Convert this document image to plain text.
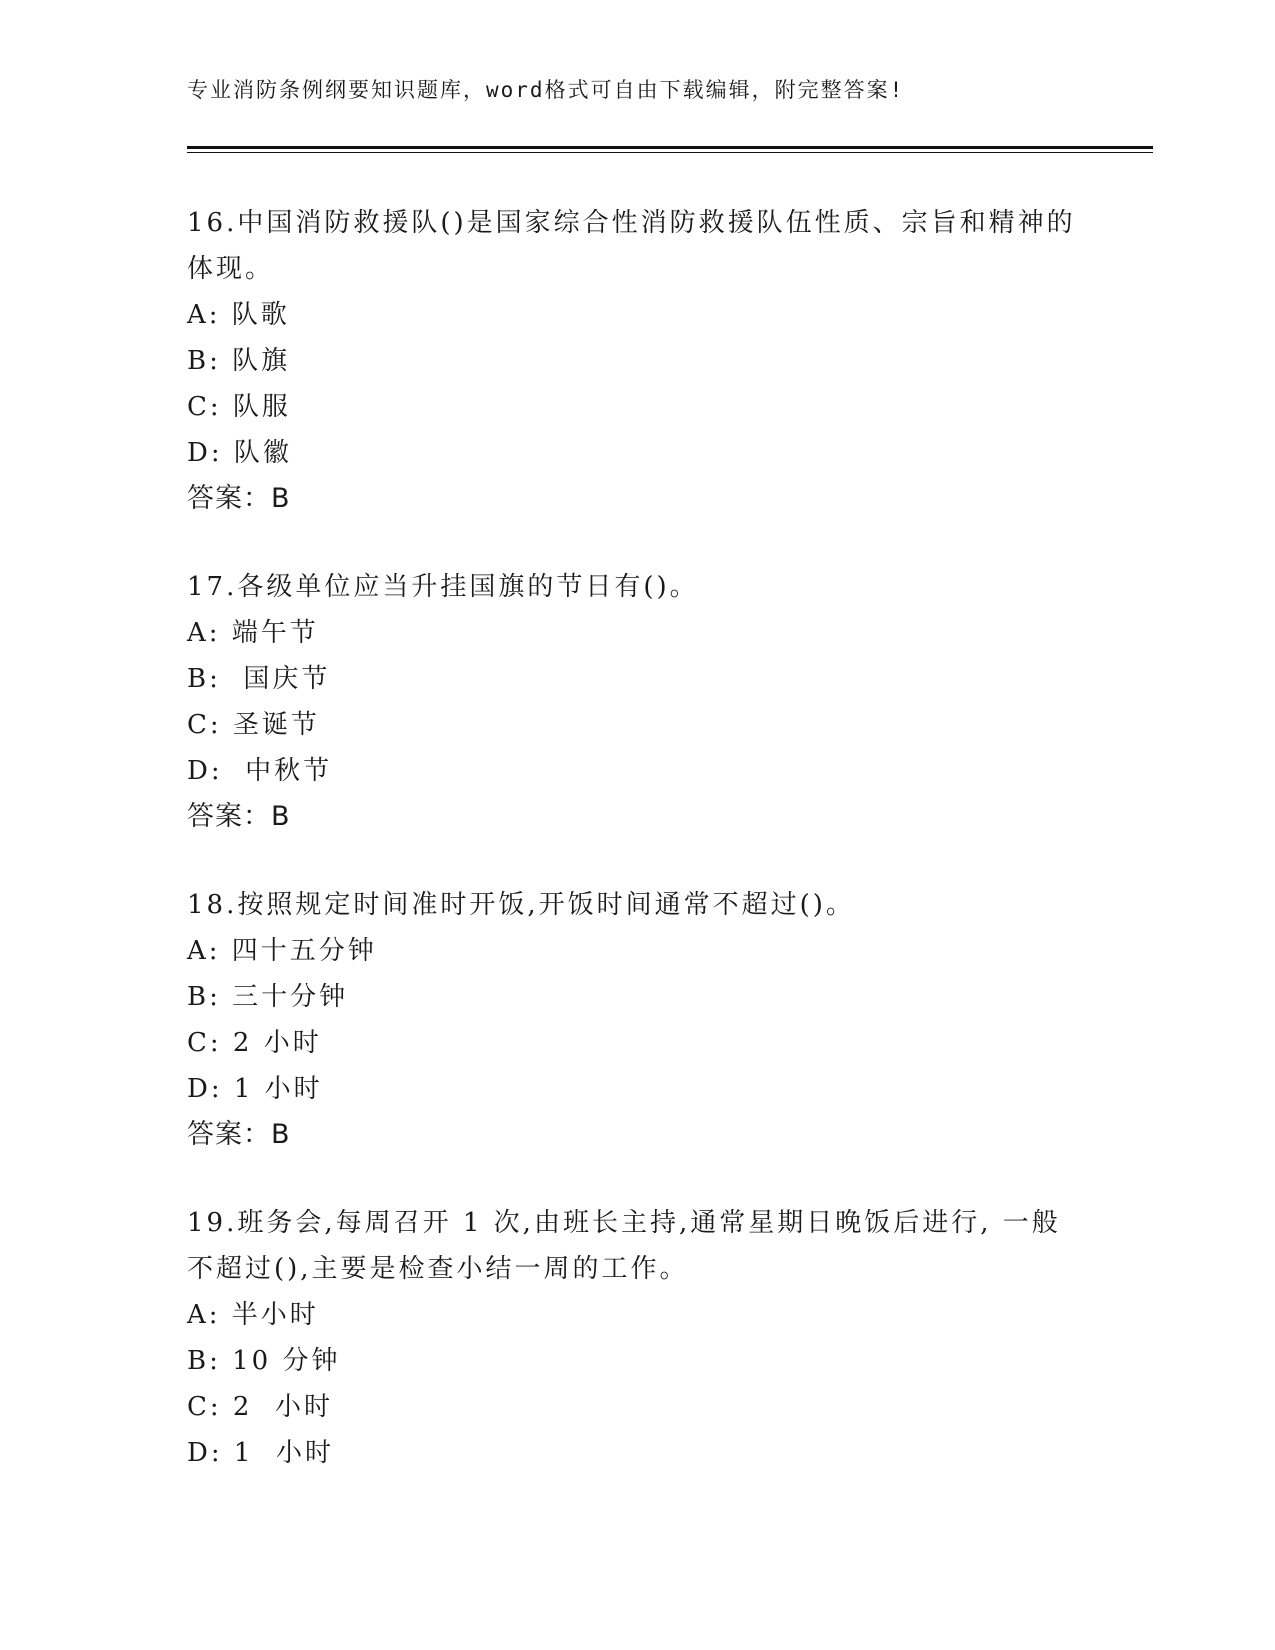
专业消防条例纲要知识题库，word格式可自由下载编辑，附完整答案!
16.中国消防救援队()是国家综合性消防救援队伍性质、宗旨和精神的体现。
A: 队歌
B: 队旗
C: 队服
D: 队徽
答案：B
17.各级单位应当升挂国旗的节日有()。
A: 端午节
B:  国庆节
C: 圣诞节
D:  中秋节
答案：B
18.按照规定时间准时开饭,开饭时间通常不超过()。
A: 四十五分钟
B: 三十分钟
C: 2 小时
D: 1 小时
答案：B
19.班务会,每周召开 1 次,由班长主持,通常星期日晚饭后进行, 一般不超过(),主要是检查小结一周的工作。
A: 半小时
B: 10 分钟
C: 2  小时
D: 1  小时
